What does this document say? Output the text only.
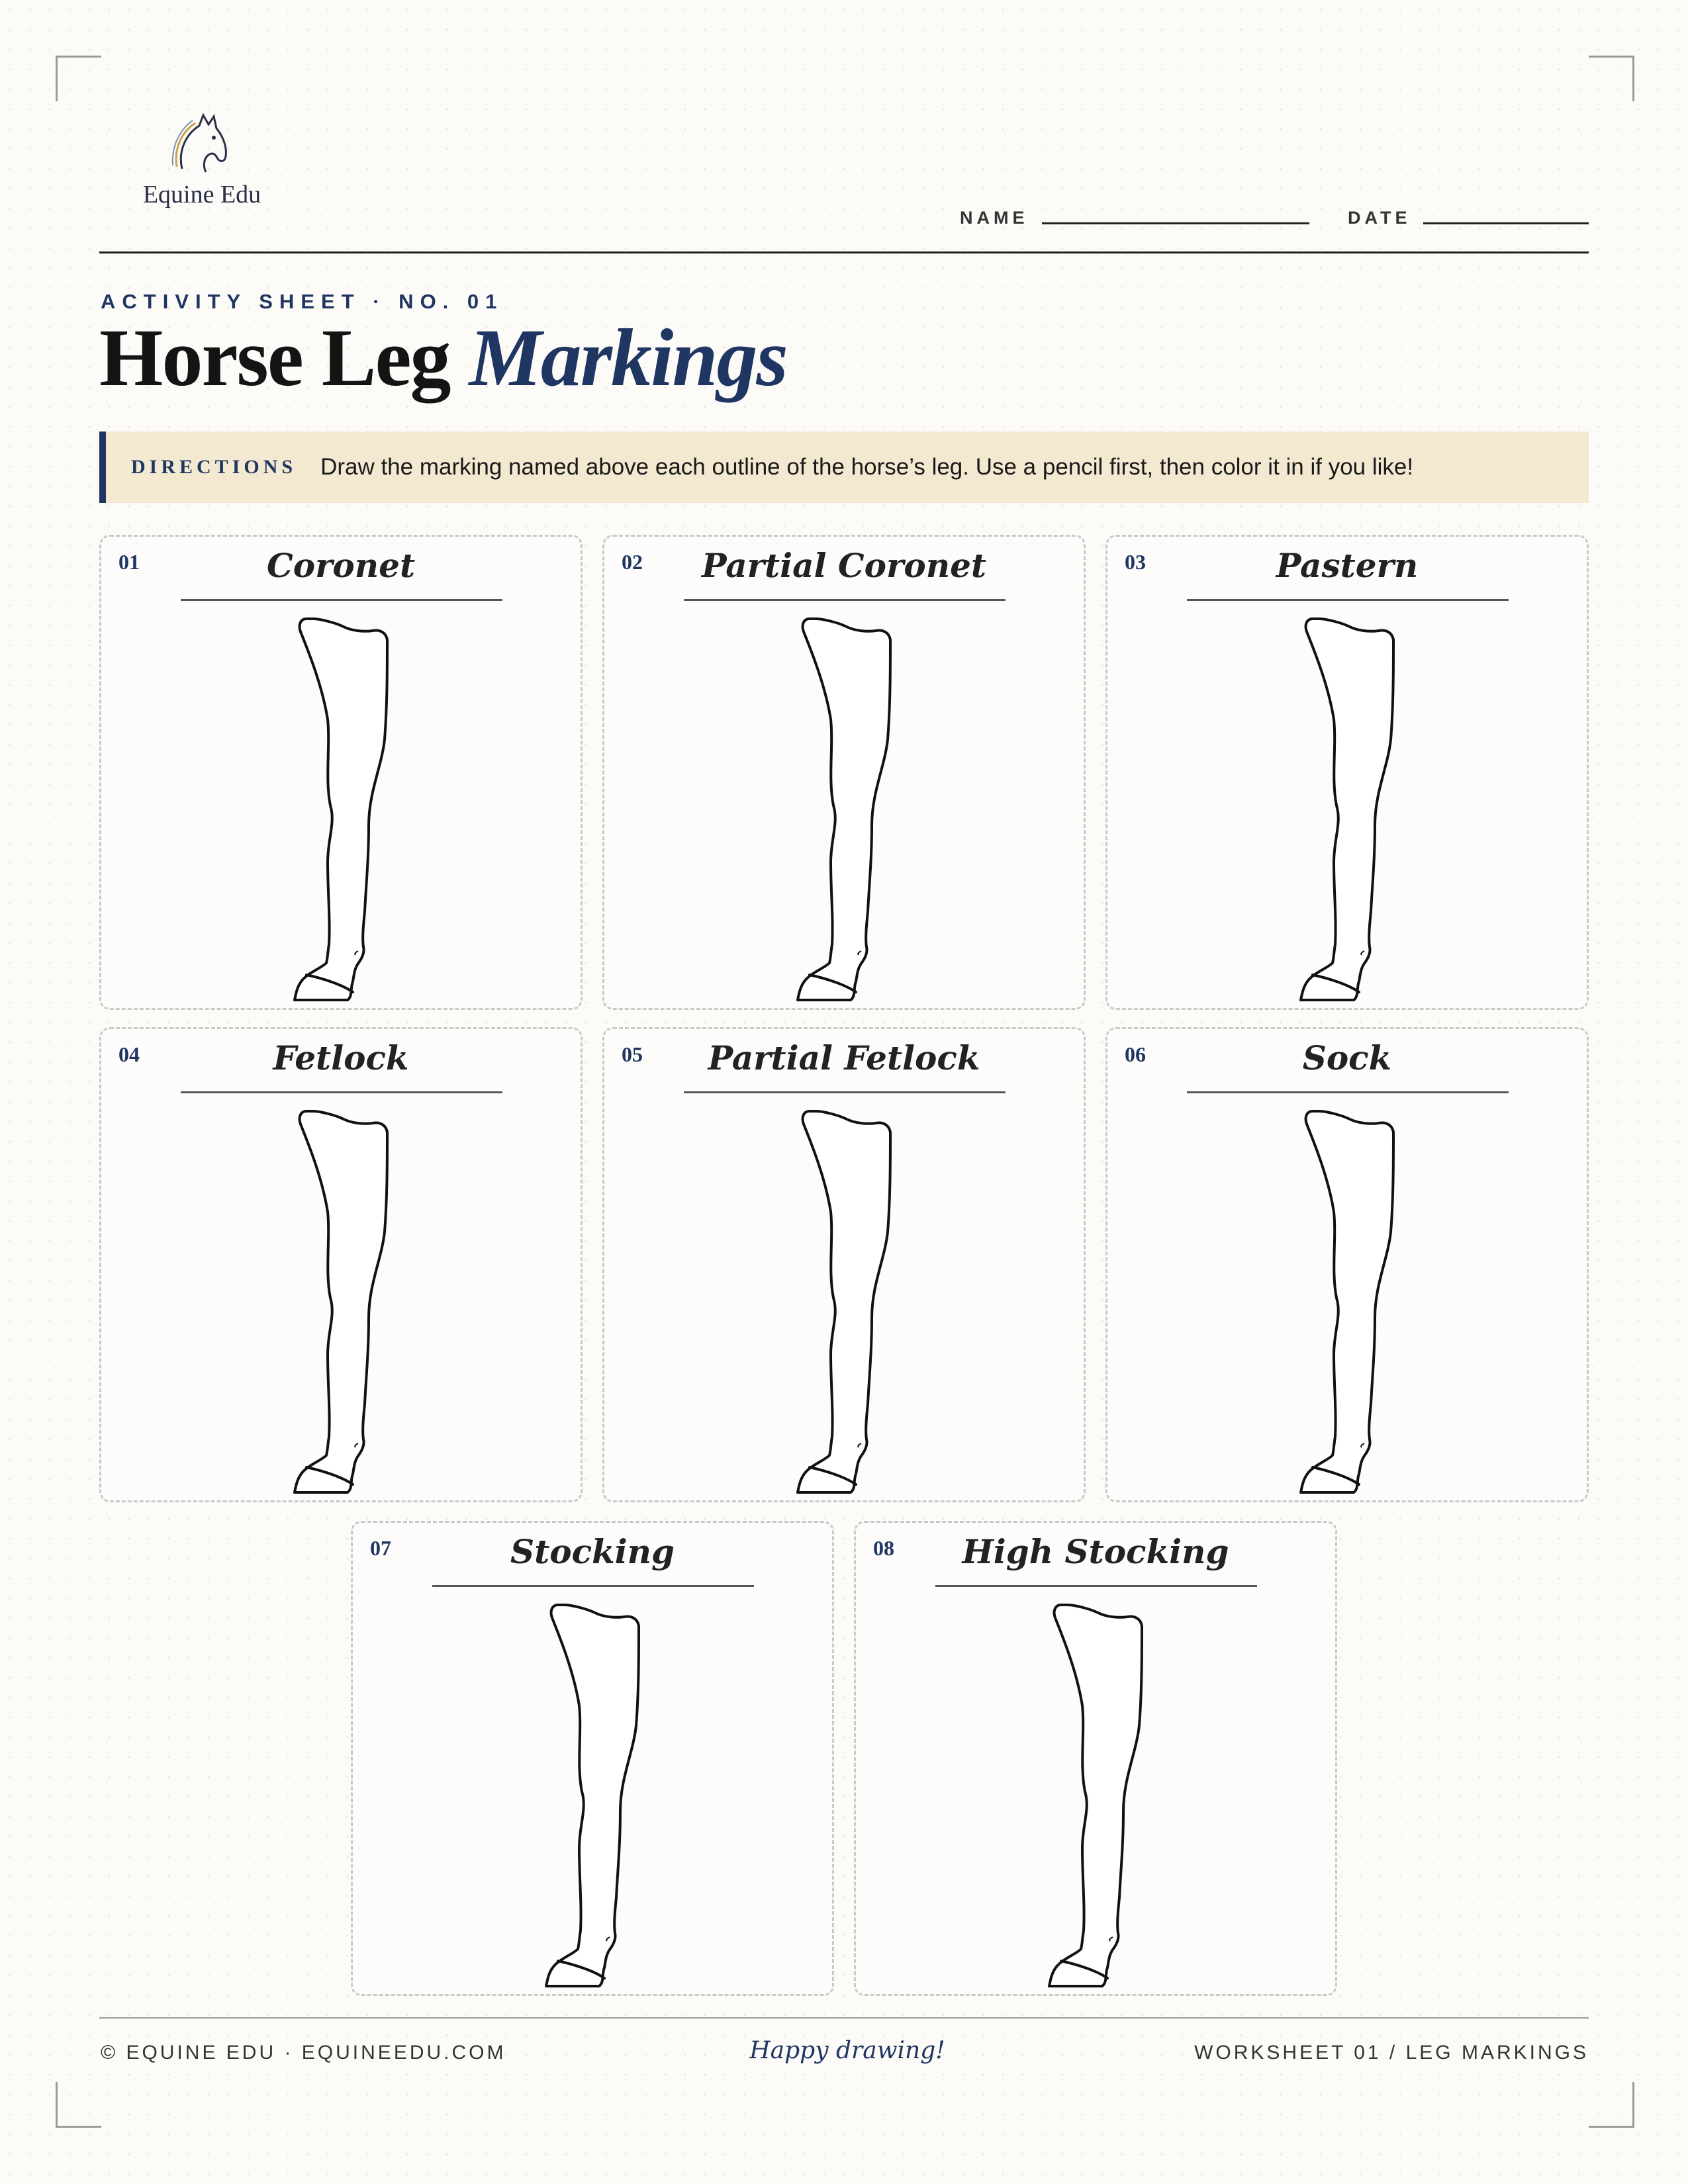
Equine Edu
NAME	DATE
ACTIVITY SHEET · NO. 01
Horse Leg Markings
DIRECTIONS Draw the marking named above each outline of the horse’s leg. Use a pencil first, then color it in if you like!
01	Coronet	02	Partial Coronet	03	Pastern
04	Fetlock	05	Partial Fetlock	06	Sock
07	Stocking	08	High Stocking
© EQUINE EDU · EQUINEEDU.COM	Happy drawing!	WORKSHEET 01 / LEG MARKINGS
